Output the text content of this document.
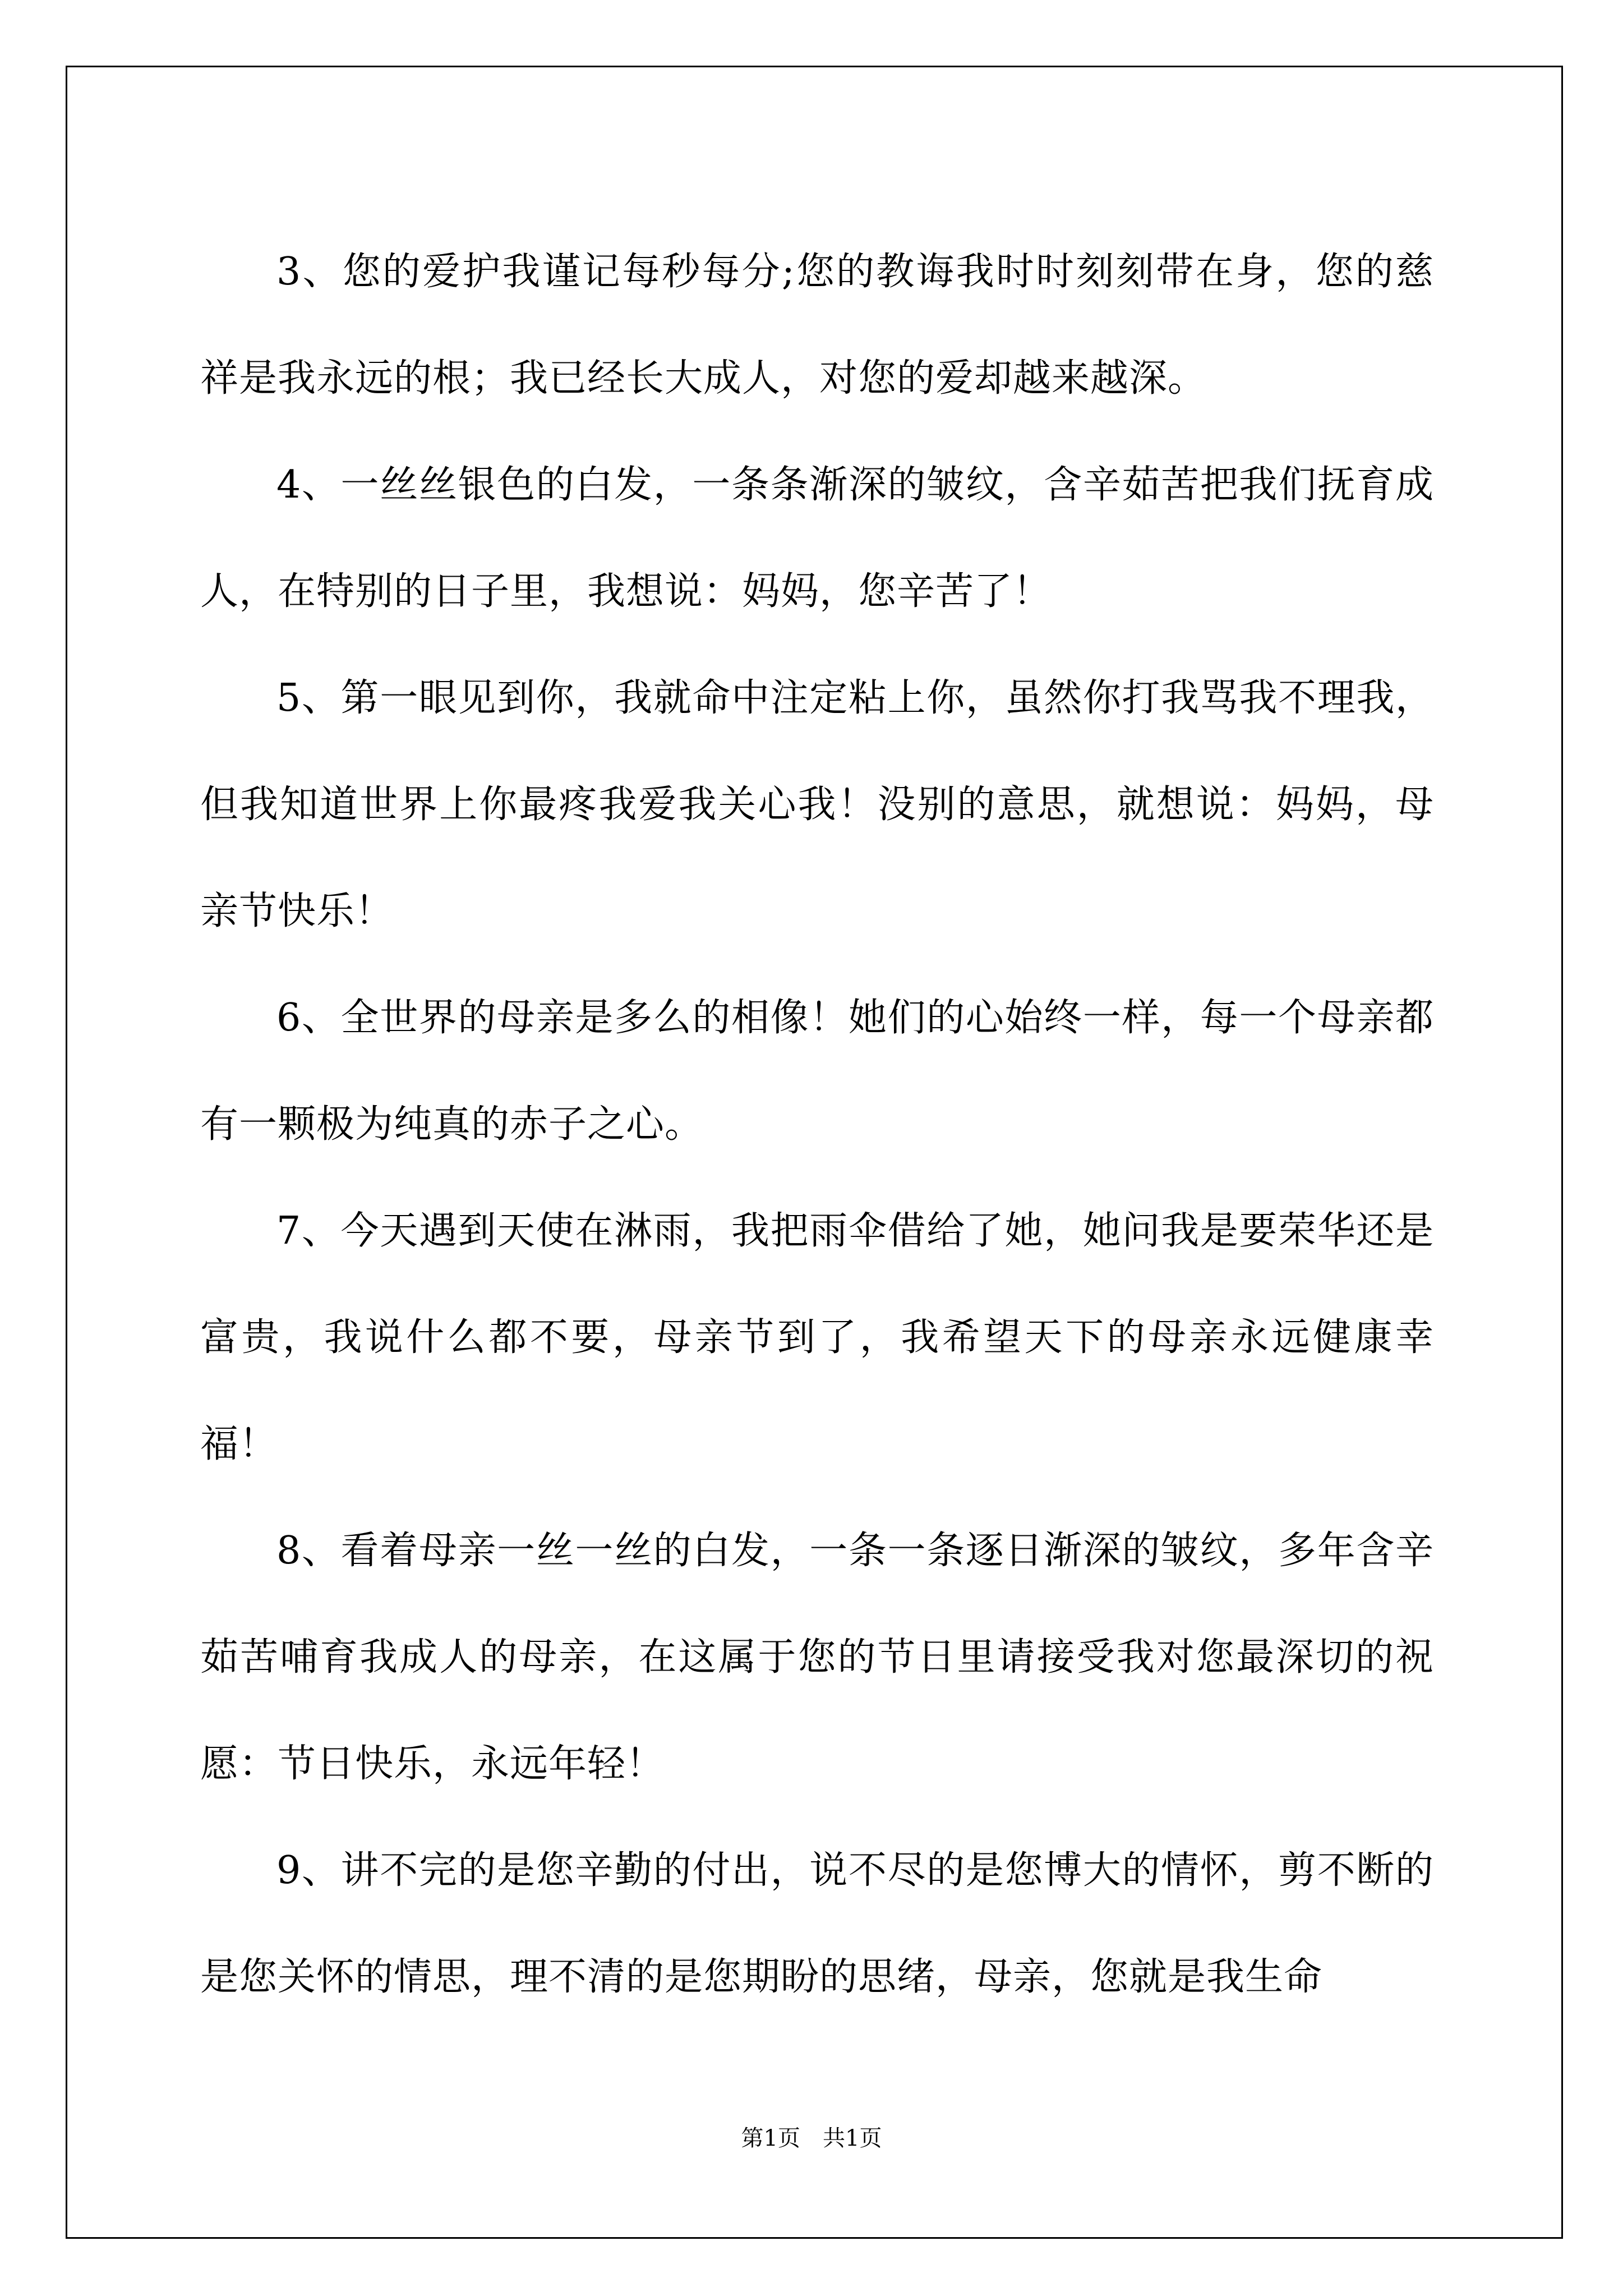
3、您的爱护我谨记每秒每分;您的教诲我时时刻刻带在身，您的慈祥是我永远的根；我已经长大成人，对您的爱却越来越深。

4、一丝丝银色的白发，一条条渐深的皱纹，含辛茹苦把我们抚育成人，在特别的日子里，我想说：妈妈，您辛苦了！

5、第一眼见到你，我就命中注定粘上你，虽然你打我骂我不理我，但我知道世界上你最疼我爱我关心我！没别的意思，就想说：妈妈，母亲节快乐！

6、全世界的母亲是多么的相像！她们的心始终一样，每一个母亲都有一颗极为纯真的赤子之心。

7、今天遇到天使在淋雨，我把雨伞借给了她，她问我是要荣华还是富贵，我说什么都不要，母亲节到了，我希望天下的母亲永远健康幸福！

8、看着母亲一丝一丝的白发，一条一条逐日渐深的皱纹，多年含辛茹苦哺育我成人的母亲，在这属于您的节日里请接受我对您最深切的祝愿：节日快乐，永远年轻！

9、讲不完的是您辛勤的付出，说不尽的是您博大的情怀，剪不断的是您关怀的情思，理不清的是您期盼的思绪，母亲，您就是我生命

第1页 共1页
